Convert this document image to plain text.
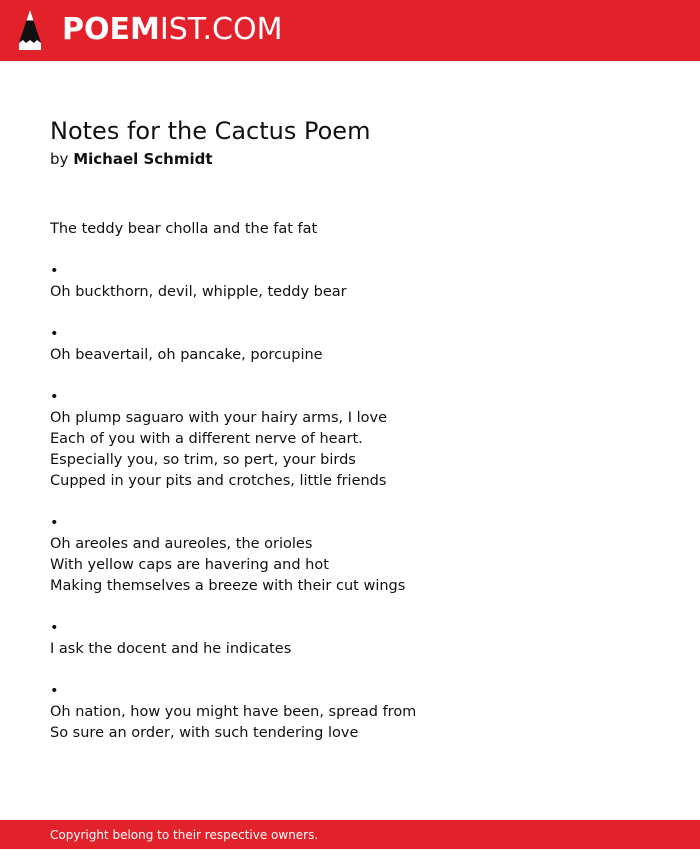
POEMIST.COM
Notes for the Cactus Poem
by Michael Schmidt
The teddy bear cholla and the fat fat
•
Oh buckthorn, devil, whipple, teddy bear
•
Oh beavertail, oh pancake, porcupine
•
Oh plump saguaro with your hairy arms, I love
Each of you with a different nerve of heart.
Especially you, so trim, so pert, your birds
Cupped in your pits and crotches, little friends
•
Oh areoles and aureoles, the orioles
With yellow caps are havering and hot
Making themselves a breeze with their cut wings
•
I ask the docent and he indicates
•
Oh nation, how you might have been, spread from
So sure an order, with such tendering love
Copyright belong to their respective owners.
